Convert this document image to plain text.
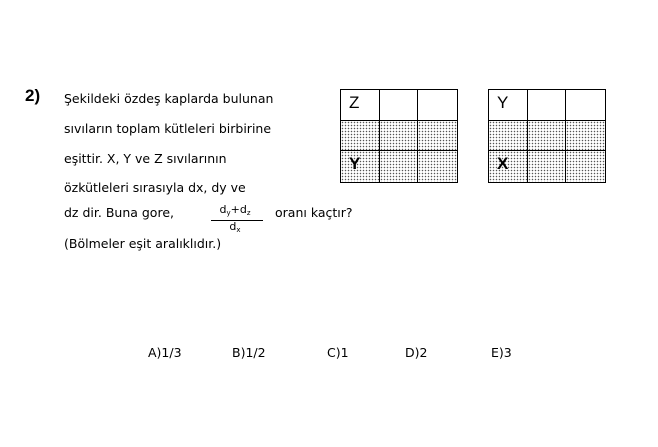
2) Şekildeki özdeş kaplarda bulunan
sıvıların toplam kütleleri birbirine
eşittir. X, Y ve Z sıvılarının
özkütleleri sırasıyla dx, dy ve
dz dir. Buna gore,	$d_y+d_z$
$d_x$
oranı kaçtır?
(Bölmeler eşit aralıklıdır.)
Z
Y
Y
X
A)1/3	B)1/2	C)1	D)2	E)3
